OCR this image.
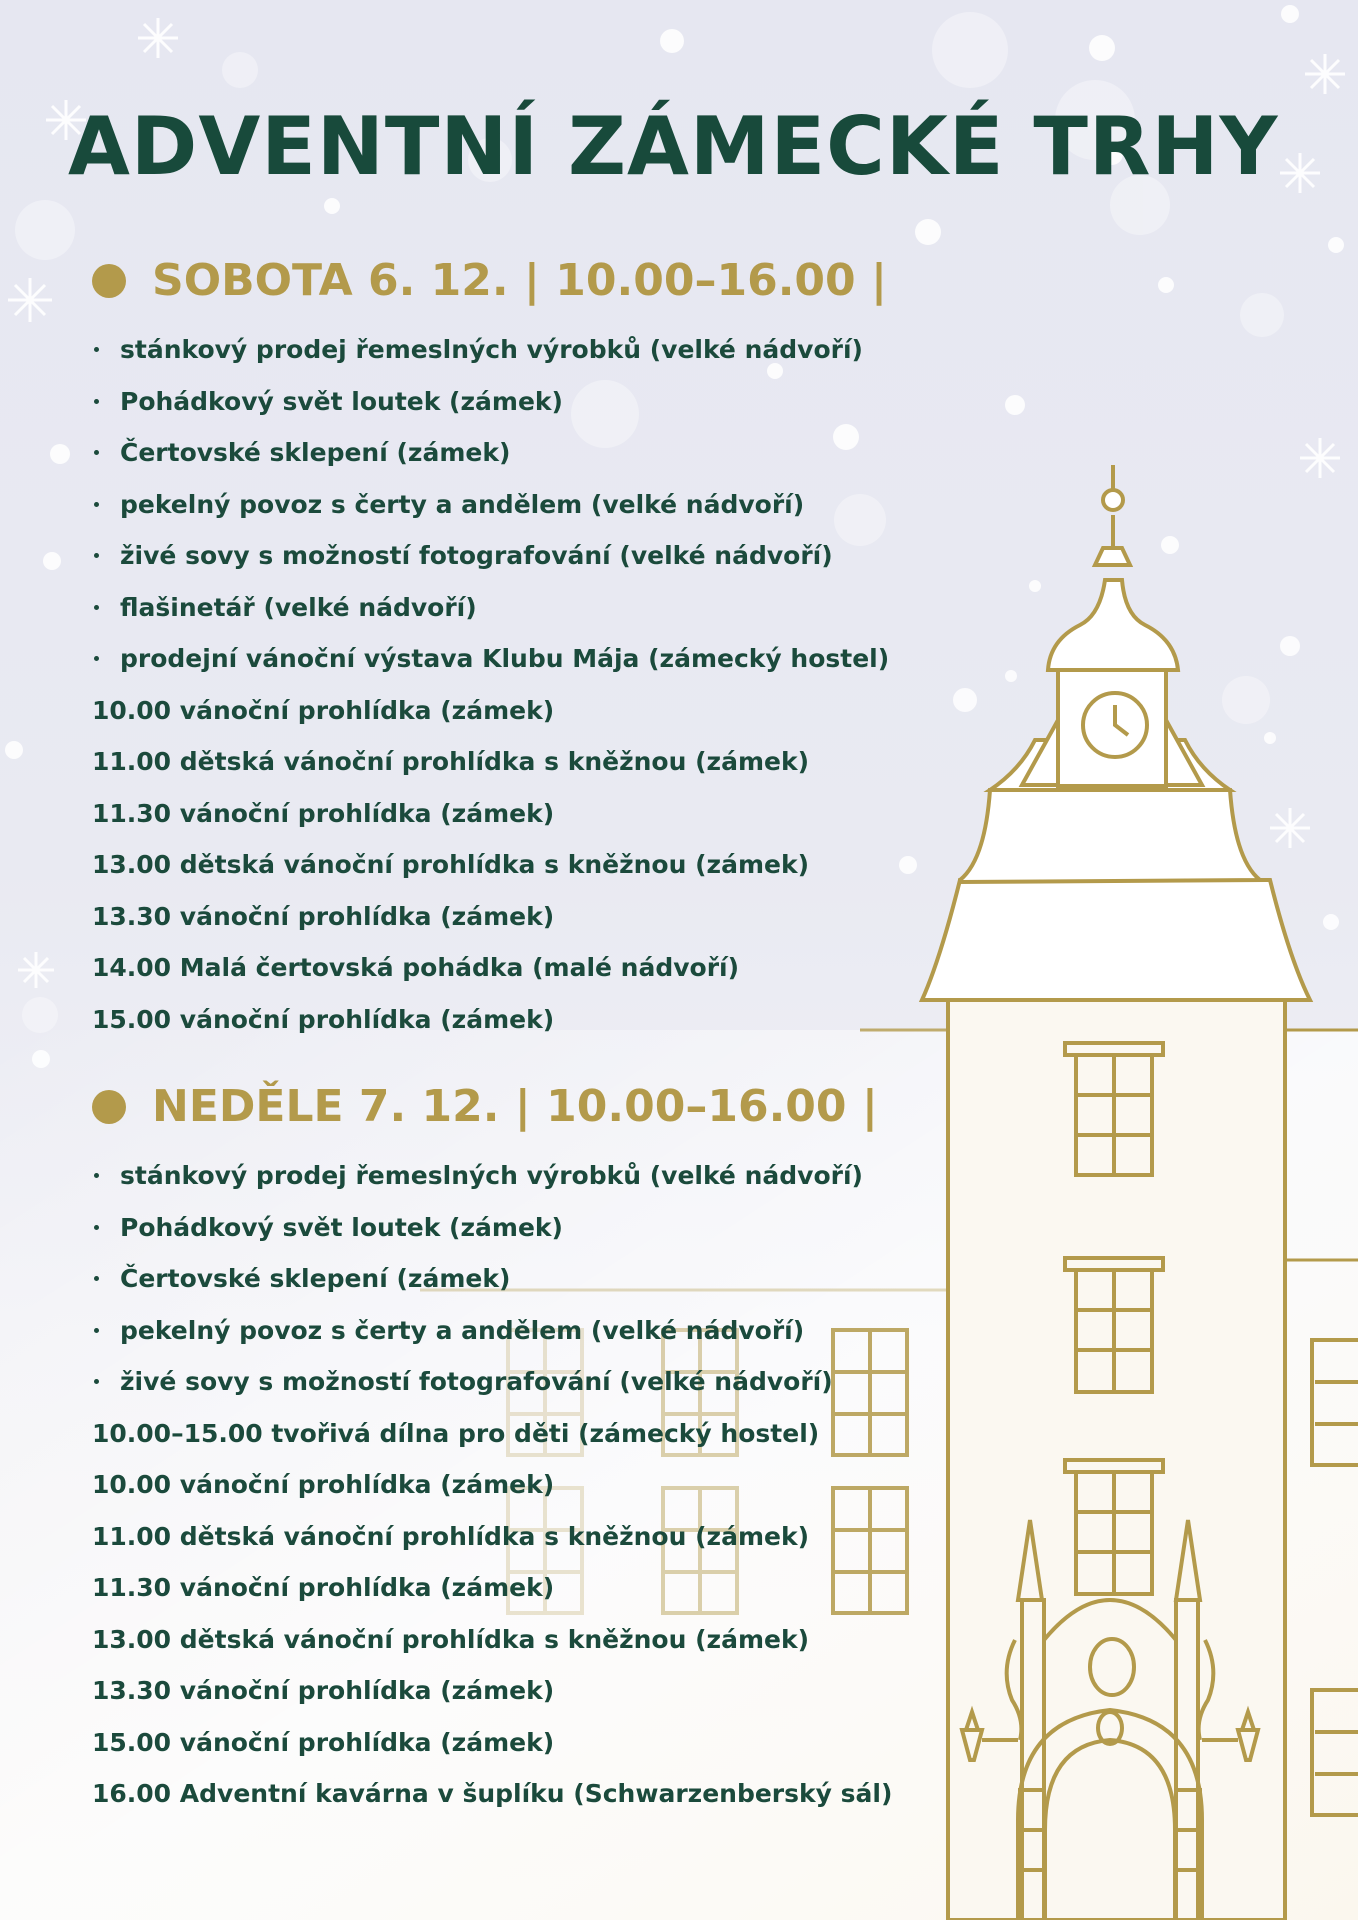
ADVENTNÍ ZÁMECKÉ TRHY
SOBOTA 6. 12. | 10.00–16.00 |
stánkový prodej řemeslných výrobků (velké nádvoří)
Pohádkový svět loutek (zámek)
Čertovské sklepení (zámek)
pekelný povoz s čerty a andělem (velké nádvoří)
živé sovy s možností fotografování (velké nádvoří)
flašinetář (velké nádvoří)
prodejní vánoční výstava Klubu Mája (zámecký hostel)
10.00 vánoční prohlídka (zámek)
11.00 dětská vánoční prohlídka s kněžnou (zámek)
11.30 vánoční prohlídka (zámek)
13.00 dětská vánoční prohlídka s kněžnou (zámek)
13.30 vánoční prohlídka (zámek)
14.00 Malá čertovská pohádka (malé nádvoří)
15.00 vánoční prohlídka (zámek)
NEDĚLE 7. 12. | 10.00–16.00 |
stánkový prodej řemeslných výrobků (velké nádvoří)
Pohádkový svět loutek (zámek)
Čertovské sklepení (zámek)
pekelný povoz s čerty a andělem (velké nádvoří)
živé sovy s možností fotografování (velké nádvoří)
10.00–15.00 tvořivá dílna pro děti (zámecký hostel)
10.00 vánoční prohlídka (zámek)
11.00 dětská vánoční prohlídka s kněžnou (zámek)
11.30 vánoční prohlídka (zámek)
13.00 dětská vánoční prohlídka s kněžnou (zámek)
13.30 vánoční prohlídka (zámek)
15.00 vánoční prohlídka (zámek)
16.00 Adventní kavárna v šuplíku (Schwarzenberský sál)
